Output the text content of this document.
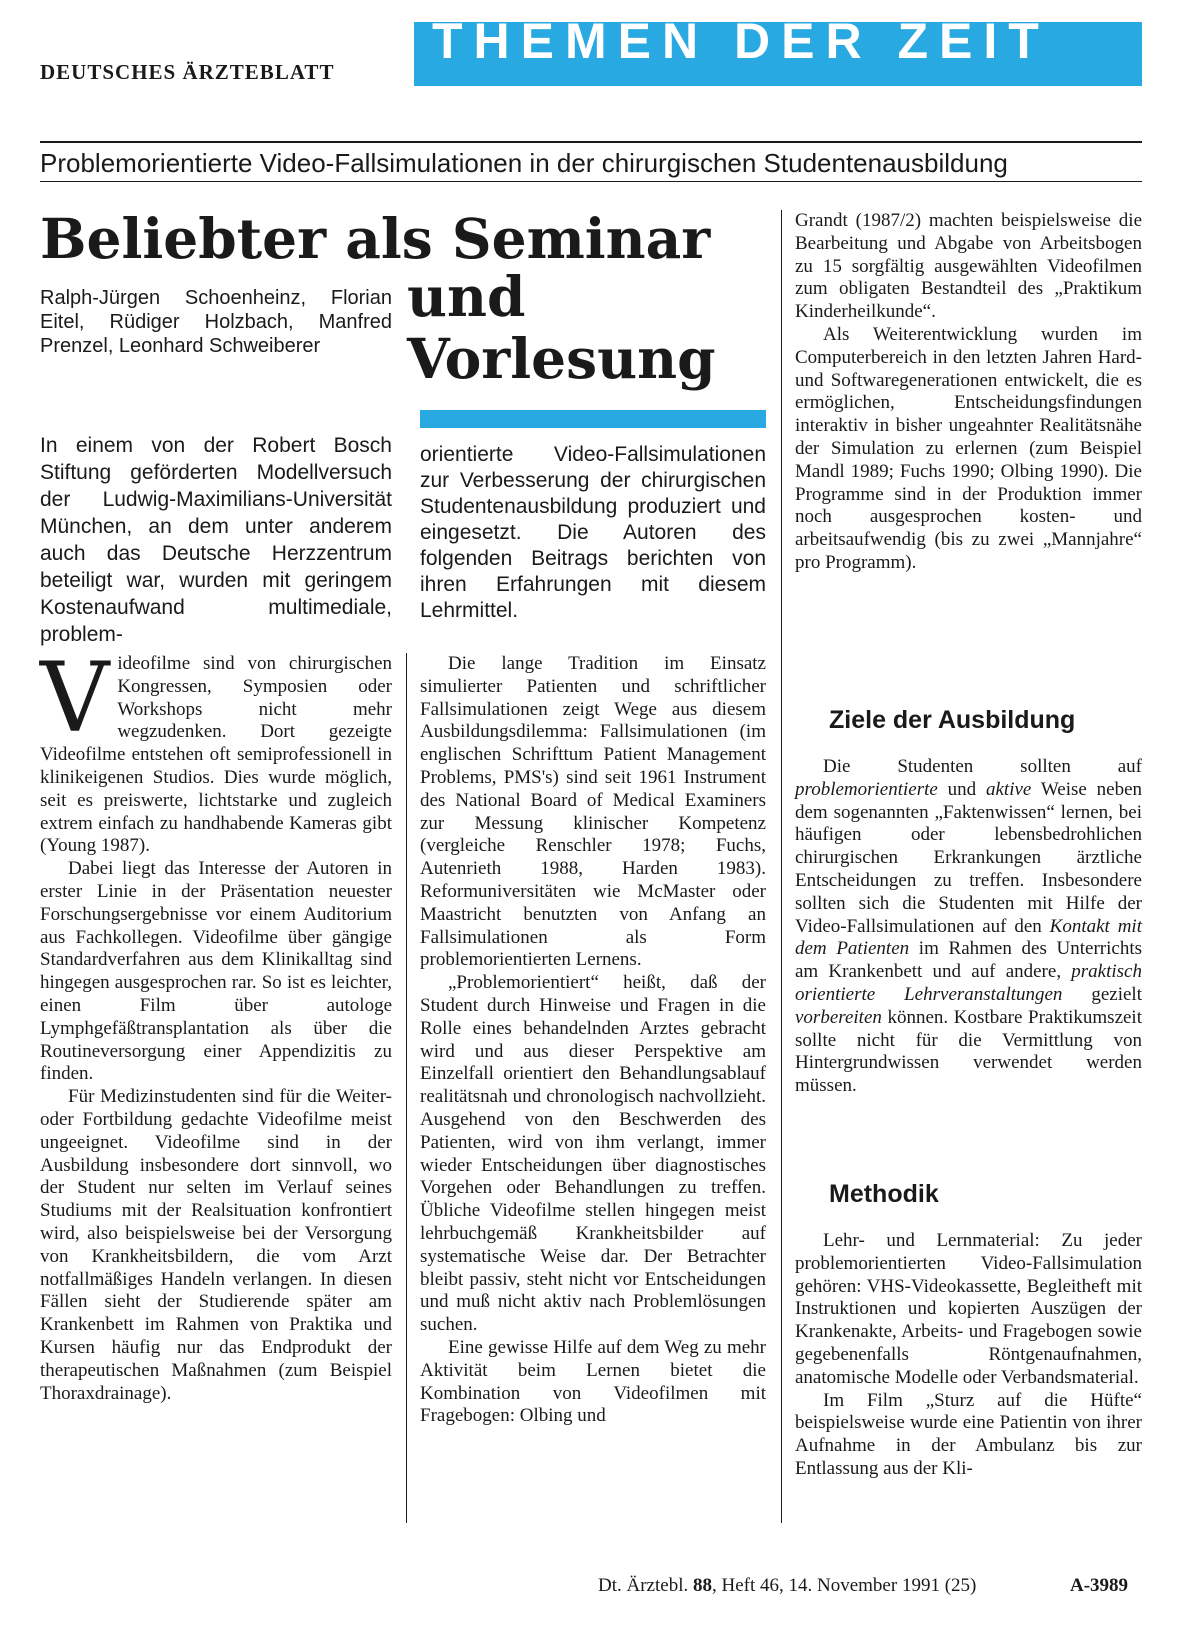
DEUTSCHES ÄRZTEBLATT
THEMEN DER ZEIT
Problemorientierte Video-Fallsimulationen in der chirurgischen Studentenausbildung
Beliebter als Seminar
und
Vorlesung
Ralph-Jürgen Schoenheinz, Florian Eitel, Rüdiger Holzbach, Manfred Prenzel, Leonhard Schweiberer
In einem von der Robert Bosch Stiftung geförderten Modellversuch der Ludwig-Maximilians-Universität München, an dem unter anderem auch das Deutsche Herzzentrum beteiligt war, wurden mit geringem Kostenaufwand multimediale, problem-
orientierte Video-Fallsimulationen zur Verbesserung der chirurgischen Studentenausbildung produziert und eingesetzt. Die Autoren des folgenden Beitrags berichten von ihren Erfahrungen mit diesem Lehrmittel.

Videofilme sind von chirurgischen Kongressen, Symposien oder Workshops nicht mehr wegzudenken. Dort gezeigte Videofilme entstehen oft semiprofessionell in klinikeigenen Studios. Dies wurde möglich, seit es preiswerte, lichtstarke und zugleich extrem einfach zu handhabende Kameras gibt (Young 1987).

Dabei liegt das Interesse der Autoren in erster Linie in der Präsentation neuester Forschungsergebnisse vor einem Auditorium aus Fachkollegen. Videofilme über gängige Standardverfahren aus dem Klinikalltag sind hingegen ausgesprochen rar. So ist es leichter, einen Film über autologe Lymphgefäßtransplantation als über die Routineversorgung einer Appendizitis zu finden.

Für Medizinstudenten sind für die Weiter- oder Fortbildung gedachte Videofilme meist ungeeignet. Videofilme sind in der Ausbildung insbesondere dort sinnvoll, wo der Student nur selten im Verlauf seines Studiums mit der Realsituation konfrontiert wird, also beispielsweise bei der Versorgung von Krankheitsbildern, die vom Arzt notfallmäßiges Handeln verlangen. In diesen Fällen sieht der Studierende später am Krankenbett im Rahmen von Praktika und Kursen häufig nur das Endprodukt der therapeutischen Maßnahmen (zum Beispiel Thoraxdrainage).

Die lange Tradition im Einsatz simulierter Patienten und schriftlicher Fallsimulationen zeigt Wege aus diesem Ausbildungsdilemma: Fallsimulationen (im englischen Schrifttum Patient Management Problems, PMS's) sind seit 1961 Instrument des National Board of Medical Examiners zur Messung klinischer Kompetenz (vergleiche Renschler 1978; Fuchs, Autenrieth 1988, Harden 1983). Reformuniversitäten wie McMaster oder Maastricht benutzten von Anfang an Fallsimulationen als Form problemorientierten Lernens.

„Problemorientiert“ heißt, daß der Student durch Hinweise und Fragen in die Rolle eines behandelnden Arztes gebracht wird und aus dieser Perspektive am Einzelfall orientiert den Behandlungsablauf realitätsnah und chronologisch nachvollzieht. Ausgehend von den Beschwerden des Patienten, wird von ihm verlangt, immer wieder Entscheidungen über diagnostisches Vorgehen oder Behandlungen zu treffen. Übliche Videofilme stellen hingegen meist lehrbuchgemäß Krankheitsbilder auf systematische Weise dar. Der Betrachter bleibt passiv, steht nicht vor Entscheidungen und muß nicht aktiv nach Problemlösungen suchen.

Eine gewisse Hilfe auf dem Weg zu mehr Aktivität beim Lernen bietet die Kombination von Videofilmen mit Fragebogen: Olbing und

Grandt (1987/2) machten beispielsweise die Bearbeitung und Abgabe von Arbeitsbogen zu 15 sorgfältig ausgewählten Videofilmen zum obligaten Bestandteil des „Praktikum Kinderheilkunde“.

Als Weiterentwicklung wurden im Computerbereich in den letzten Jahren Hard- und Softwaregenerationen entwickelt, die es ermöglichen, Entscheidungsfindungen interaktiv in bisher ungeahnter Realitätsnähe der Simulation zu erlernen (zum Beispiel Mandl 1989; Fuchs 1990; Olbing 1990). Die Programme sind in der Produktion immer noch ausgesprochen kosten- und arbeitsaufwendig (bis zu zwei „Mannjahre“ pro Programm).

Ziele der Ausbildung

Die Studenten sollten auf problemorientierte und aktive Weise neben dem sogenannten „Faktenwissen“ lernen, bei häufigen oder lebensbedrohlichen chirurgischen Erkrankungen ärztliche Entscheidungen zu treffen. Insbesondere sollten sich die Studenten mit Hilfe der Video-Fallsimulationen auf den Kontakt mit dem Patienten im Rahmen des Unterrichts am Krankenbett und auf andere, praktisch orientierte Lehrveranstaltungen gezielt vorbereiten können. Kostbare Praktikumszeit sollte nicht für die Vermittlung von Hintergrundwissen verwendet werden müssen.

Methodik

Lehr- und Lernmaterial: Zu jeder problemorientierten Video-Fallsimulation gehören: VHS-Videokassette, Begleitheft mit Instruktionen und kopierten Auszügen der Krankenakte, Arbeits- und Fragebogen sowie gegebenenfalls Röntgenaufnahmen, anatomische Modelle oder Verbandsmaterial.

Im Film „Sturz auf die Hüfte“ beispielsweise wurde eine Patientin von ihrer Aufnahme in der Ambulanz bis zur Entlassung aus der Kli-

Dt. Ärztebl. 88, Heft 46, 14. November 1991 (25)	A-3989
